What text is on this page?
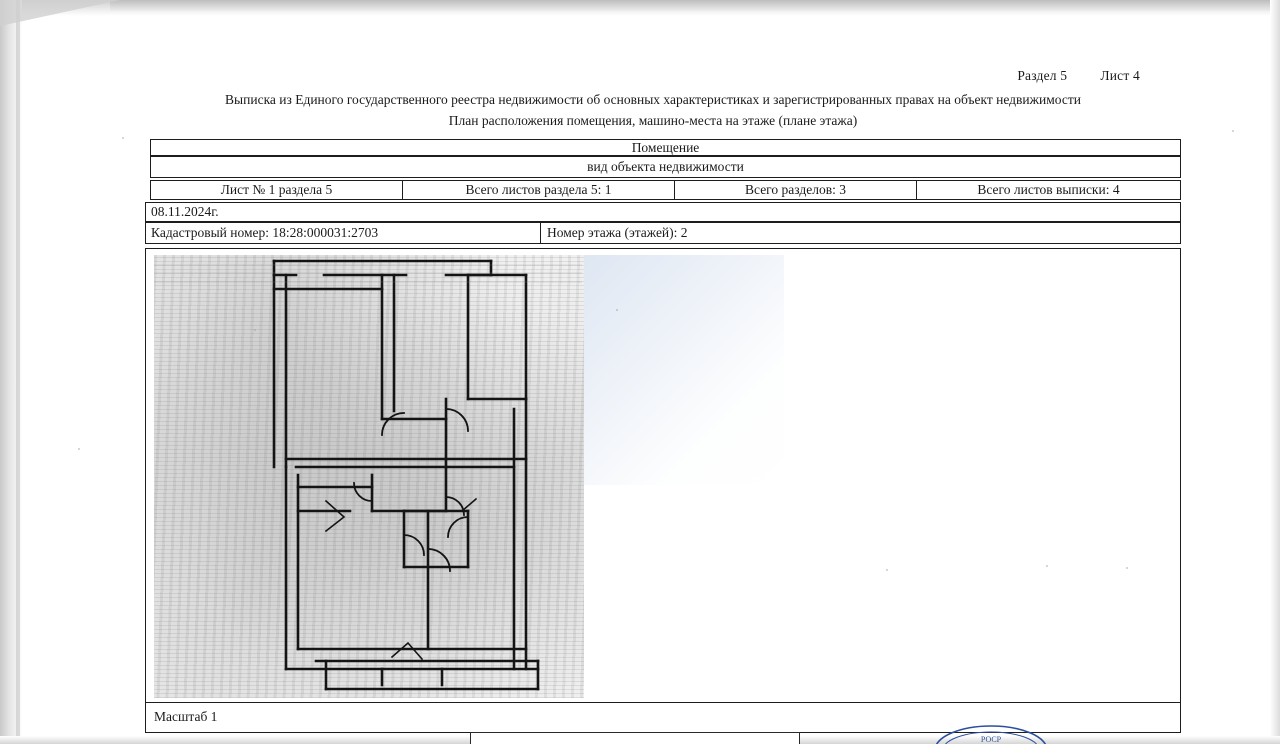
Раздел 5 Лист 4
Выписка из Единого государственного реестра недвижимости об основных характеристиках и зарегистрированных правах на объект недвижимости
План расположения помещения, машино-места на этаже (плане этажа)
Помещение
вид объекта недвижимости
Лист № 1 раздела 5	Всего листов раздела 5: 1	Всего разделов: 3	Всего листов выписки: 4
08.11.2024г.
Кадастровый номер: 18:28:000031:2703	Номер этажа (этажей): 2
Масштаб 1
РОСР
